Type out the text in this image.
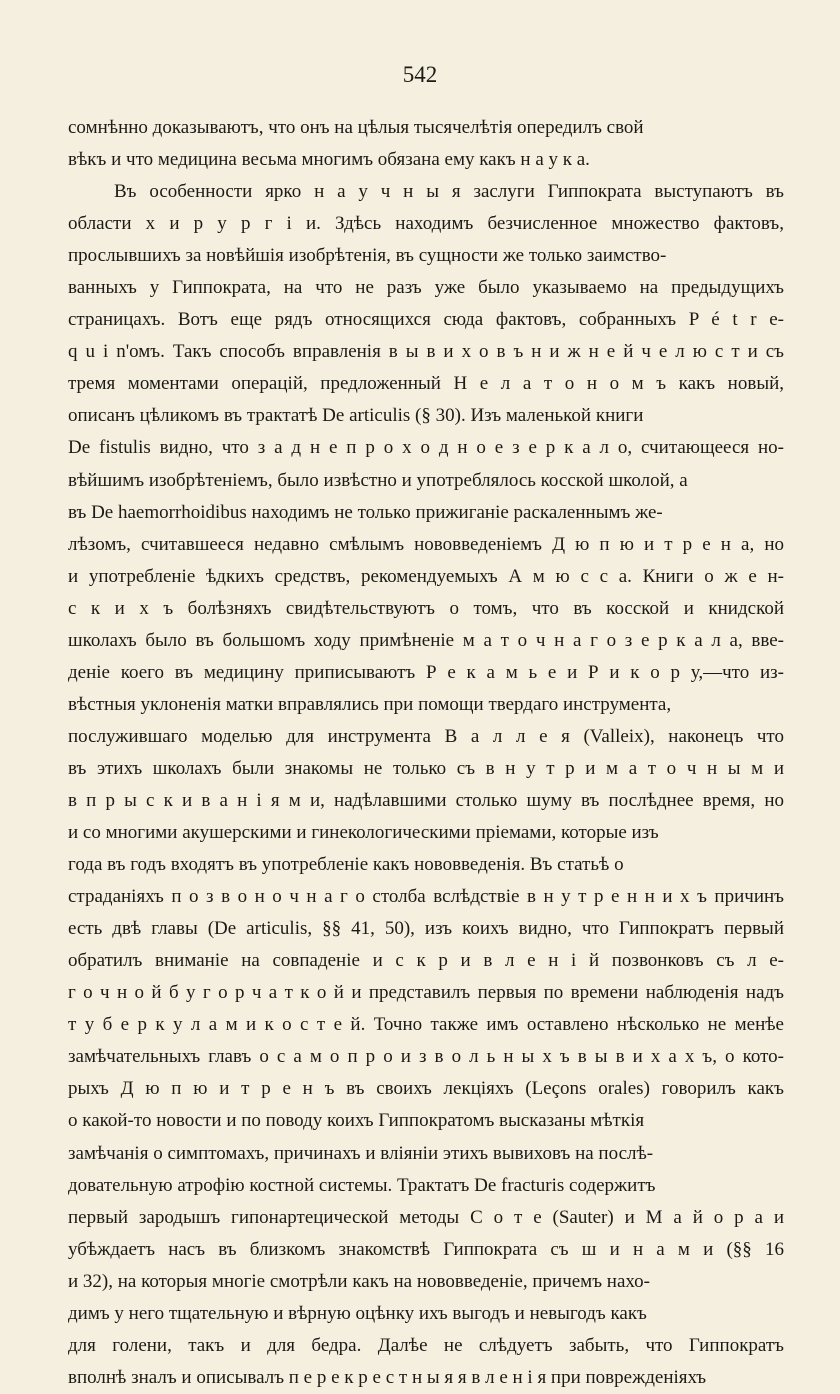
542
сомнѣнно доказываютъ, что онъ на цѣлыя тысячелѣтія опередилъ свой
вѣкъ и что медицина весьма многимъ обязана ему какъ н а у к а.
Въ особенности ярко н а у ч н ы я заслуги Гиппократа выступаютъ въ
области х и р у р г і и. Здѣсь находимъ безчисленное множество фактовъ,
прослывшихъ за новѣйшія изобрѣтенія, въ сущности же только заимство-
ванныхъ у Гиппократа, на что не разъ уже было указываемо на предыдущихъ
страницахъ. Вотъ еще рядъ относящихся сюда фактовъ, собранныхъ P é t r e-
q u i n'омъ. Такъ способъ вправленія в ы в и х о в ъ н и ж н е й ч е л ю с т и съ
тремя моментами операцій, предложенный Н е л а т о н о м ъ какъ новый,
описанъ цѣликомъ въ трактатѣ De articulis (§ 30). Изъ маленькой книги
De fistulis видно, что з а д н е п р о х о д н о е з е р к а л о, считающееся но-
вѣйшимъ изобрѣтеніемъ, было извѣстно и употреблялось косской школой, а
въ De haemorrhoidibus находимъ не только прижиганіе раскаленнымъ же-
лѣзомъ, считавшееся недавно смѣлымъ нововведеніемъ Д ю п ю и т р е н а, но
и употребленіе ѣдкихъ средствъ, рекомендуемыхъ А м ю с с а. Книги о ж е н-
с к и х ъ болѣзняхъ свидѣтельствуютъ о томъ, что въ косской и книдской
школахъ было въ большомъ ходу примѣненіе м а т о ч н а г о з е р к а л а, вве-
деніе коего въ медицину приписываютъ Р е к а м ь е и Р и к о р у,—что из-
вѣстныя уклоненія матки вправлялись при помощи твердаго инструмента,
послужившаго моделью для инструмента В а л л е я (Valleix), наконецъ что
въ этихъ школахъ были знакомы не только съ в н у т р и м а т о ч н ы м и
в п р ы с к и в а н і я м и, надѣлавшими столько шуму въ послѣднее время, но
и со многими акушерскими и гинекологическими пріемами, которые изъ
года въ годъ входятъ въ употребленіе какъ нововведенія. Въ статьѣ о
страданіяхъ п о з в о н о ч н а г о столба вслѣдствіе в н у т р е н н и х ъ причинъ
есть двѣ главы (De articulis, §§ 41, 50), изъ коихъ видно, что Гиппократъ первый
обратилъ вниманіе на совпаденіе и с к р и в л е н і й позвонковъ съ л е-
г о ч н о й б у г о р ч а т к о й и представилъ первыя по времени наблюденія надъ
т у б е р к у л а м и к о с т е й. Точно также имъ оставлено нѣсколько не менѣе
замѣчательныхъ главъ о с а м о п р о и з в о л ь н ы х ъ в ы в и х а х ъ, о кото-
рыхъ Д ю п ю и т р е н ъ въ своихъ лекціяхъ (Leçons orales) говорилъ какъ
о какой-то новости и по поводу коихъ Гиппократомъ высказаны мѣткія
замѣчанія о симптомахъ, причинахъ и вліяніи этихъ вывиховъ на послѣ-
довательную атрофію костной системы. Трактатъ De fracturis содержитъ
первый зародышъ гипонартецической методы С о т е (Sauter) и М а й о р а и
убѣждаетъ насъ въ близкомъ знакомствѣ Гиппократа съ ш и н а м и (§§ 16
и 32), на которыя многіе смотрѣли какъ на нововведеніе, причемъ нахо-
димъ у него тщательную и вѣрную оцѣнку ихъ выгодъ и невыгодъ какъ
для голени, такъ и для бедра. Далѣе не слѣдуетъ забыть, что Гиппократъ
вполнѣ зналъ и описывалъ п е р е к р е с т н ы я я в л е н і я при поврежденіяхъ
